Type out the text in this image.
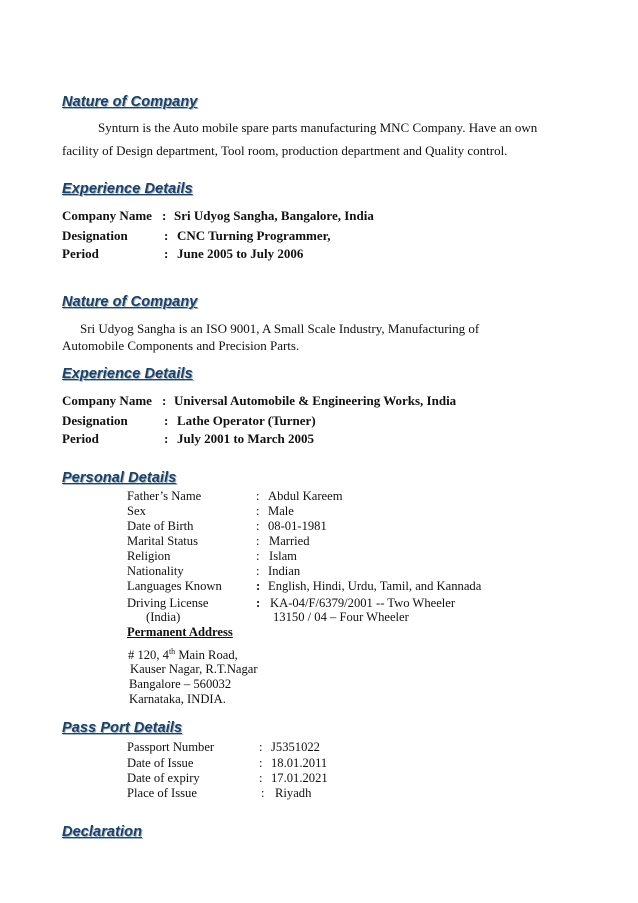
Nature of Company
Synturn is the Auto mobile spare parts manufacturing MNC Company. Have an own
facility of Design department, Tool room, production department and Quality control.
Experience Details
Company Name : Sri Udyog Sangha, Bangalore, India
Designation	: CNC Turning Programmer,
Period	: June 2005 to July 2006
Nature of Company
Sri Udyog Sangha is an ISO 9001, A Small Scale Industry, Manufacturing of
Automobile Components and Precision Parts.
Experience Details
Company Name : Universal Automobile & Engineering Works, India
Designation	: Lathe Operator (Turner)
Period	: July 2001 to March 2005
Personal Details
Father’s Name	: Abdul Kareem
Sex	: Male
Date of Birth	: 08-01-1981
Marital Status	: Married
Religion	: Islam
Nationality	: Indian
Languages Known	: English, Hindi, Urdu, Tamil, and Kannada
Driving License	: KA-04/F/6379/2001 -- Two Wheeler
(India)	13150 / 04 – Four Wheeler
Permanent Address
# 120, 4th Main Road,
Kauser Nagar, R.T.Nagar
Bangalore – 560032
Karnataka, INDIA.
Pass Port Details
Passport Number	: J5351022
Date of Issue	: 18.01.2011
Date of expiry	: 17.01.2021
Place of Issue	: Riyadh
Declaration
